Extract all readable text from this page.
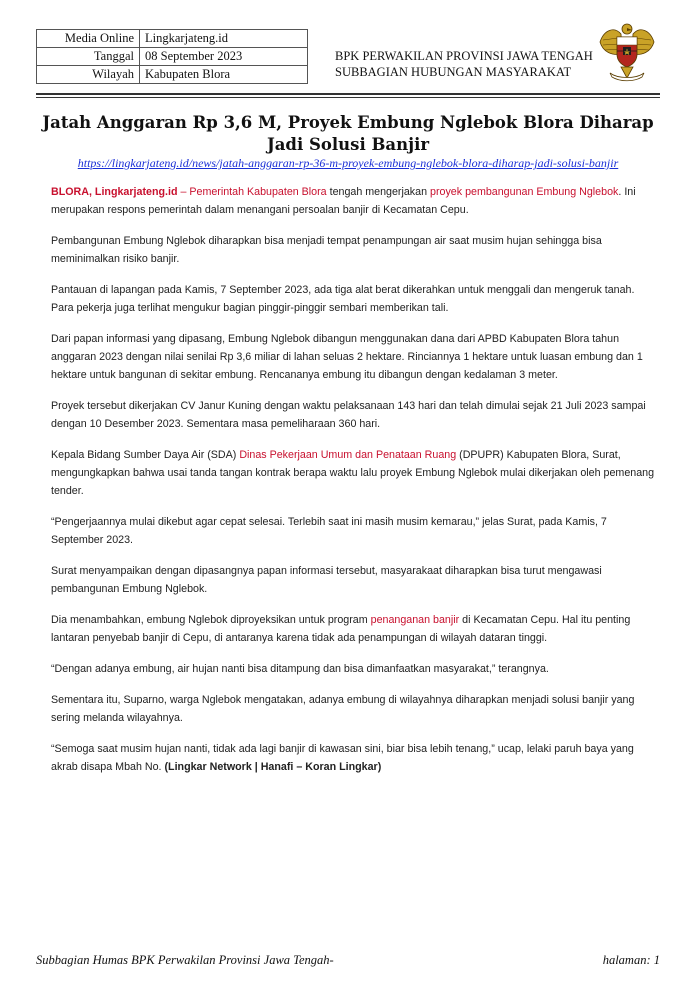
Media Online	Lingkarjateng.id
Tanggal	08 September 2023
Wilayah	Kabupaten Blora
BPK PERWAKILAN PROVINSI JAWA TENGAH
SUBBAGIAN HUBUNGAN MASYARAKAT
Jatah Anggaran Rp 3,6 M, Proyek Embung Nglebok Blora Diharap Jadi Solusi Banjir
https://lingkarjateng.id/news/jatah-anggaran-rp-36-m-proyek-embung-nglebok-blora-diharap-jadi-solusi-banjir

BLORA, Lingkarjateng.id – Pemerintah Kabupaten Blora tengah mengerjakan proyek pembangunan Embung Nglebok. Ini merupakan respons pemerintah dalam menangani persoalan banjir di Kecamatan Cepu.

Pembangunan Embung Nglebok diharapkan bisa menjadi tempat penampungan air saat musim hujan sehingga bisa meminimalkan risiko banjir.

Pantauan di lapangan pada Kamis, 7 September 2023, ada tiga alat berat dikerahkan untuk menggali dan mengeruk tanah. Para pekerja juga terlihat mengukur bagian pinggir-pinggir sembari memberikan tali.

Dari papan informasi yang dipasang, Embung Nglebok dibangun menggunakan dana dari APBD Kabupaten Blora tahun anggaran 2023 dengan nilai senilai Rp 3,6 miliar di lahan seluas 2 hektare. Rinciannya 1 hektare untuk luasan embung dan 1 hektare untuk bangunan di sekitar embung. Rencananya embung itu dibangun dengan kedalaman 3 meter.

Proyek tersebut dikerjakan CV Janur Kuning dengan waktu pelaksanaan 143 hari dan telah dimulai sejak 21 Juli 2023 sampai dengan 10 Desember 2023. Sementara masa pemeliharaan 360 hari.

Kepala Bidang Sumber Daya Air (SDA) Dinas Pekerjaan Umum dan Penataan Ruang (DPUPR) Kabupaten Blora, Surat, mengungkapkan bahwa usai tanda tangan kontrak berapa waktu lalu proyek Embung Nglebok mulai dikerjakan oleh pemenang tender.

“Pengerjaannya mulai dikebut agar cepat selesai. Terlebih saat ini masih musim kemarau,” jelas Surat, pada Kamis, 7 September 2023.

Surat menyampaikan dengan dipasangnya papan informasi tersebut, masyarakaat diharapkan bisa turut mengawasi pembangunan Embung Nglebok.

Dia menambahkan, embung Nglebok diproyeksikan untuk program penanganan banjir di Kecamatan Cepu. Hal itu penting lantaran penyebab banjir di Cepu, di antaranya karena tidak ada penampungan di wilayah dataran tinggi.

“Dengan adanya embung, air hujan nanti bisa ditampung dan bisa dimanfaatkan masyarakat,” terangnya.

Sementara itu, Suparno, warga Nglebok mengatakan, adanya embung di wilayahnya diharapkan menjadi solusi banjir yang sering melanda wilayahnya.

“Semoga saat musim hujan nanti, tidak ada lagi banjir di kawasan sini, biar bisa lebih tenang,” ucap, lelaki paruh baya yang akrab disapa Mbah No. (Lingkar Network | Hanafi – Koran Lingkar)

Subbagian Humas BPK Perwakilan Provinsi Jawa Tengah-	halaman: 1
